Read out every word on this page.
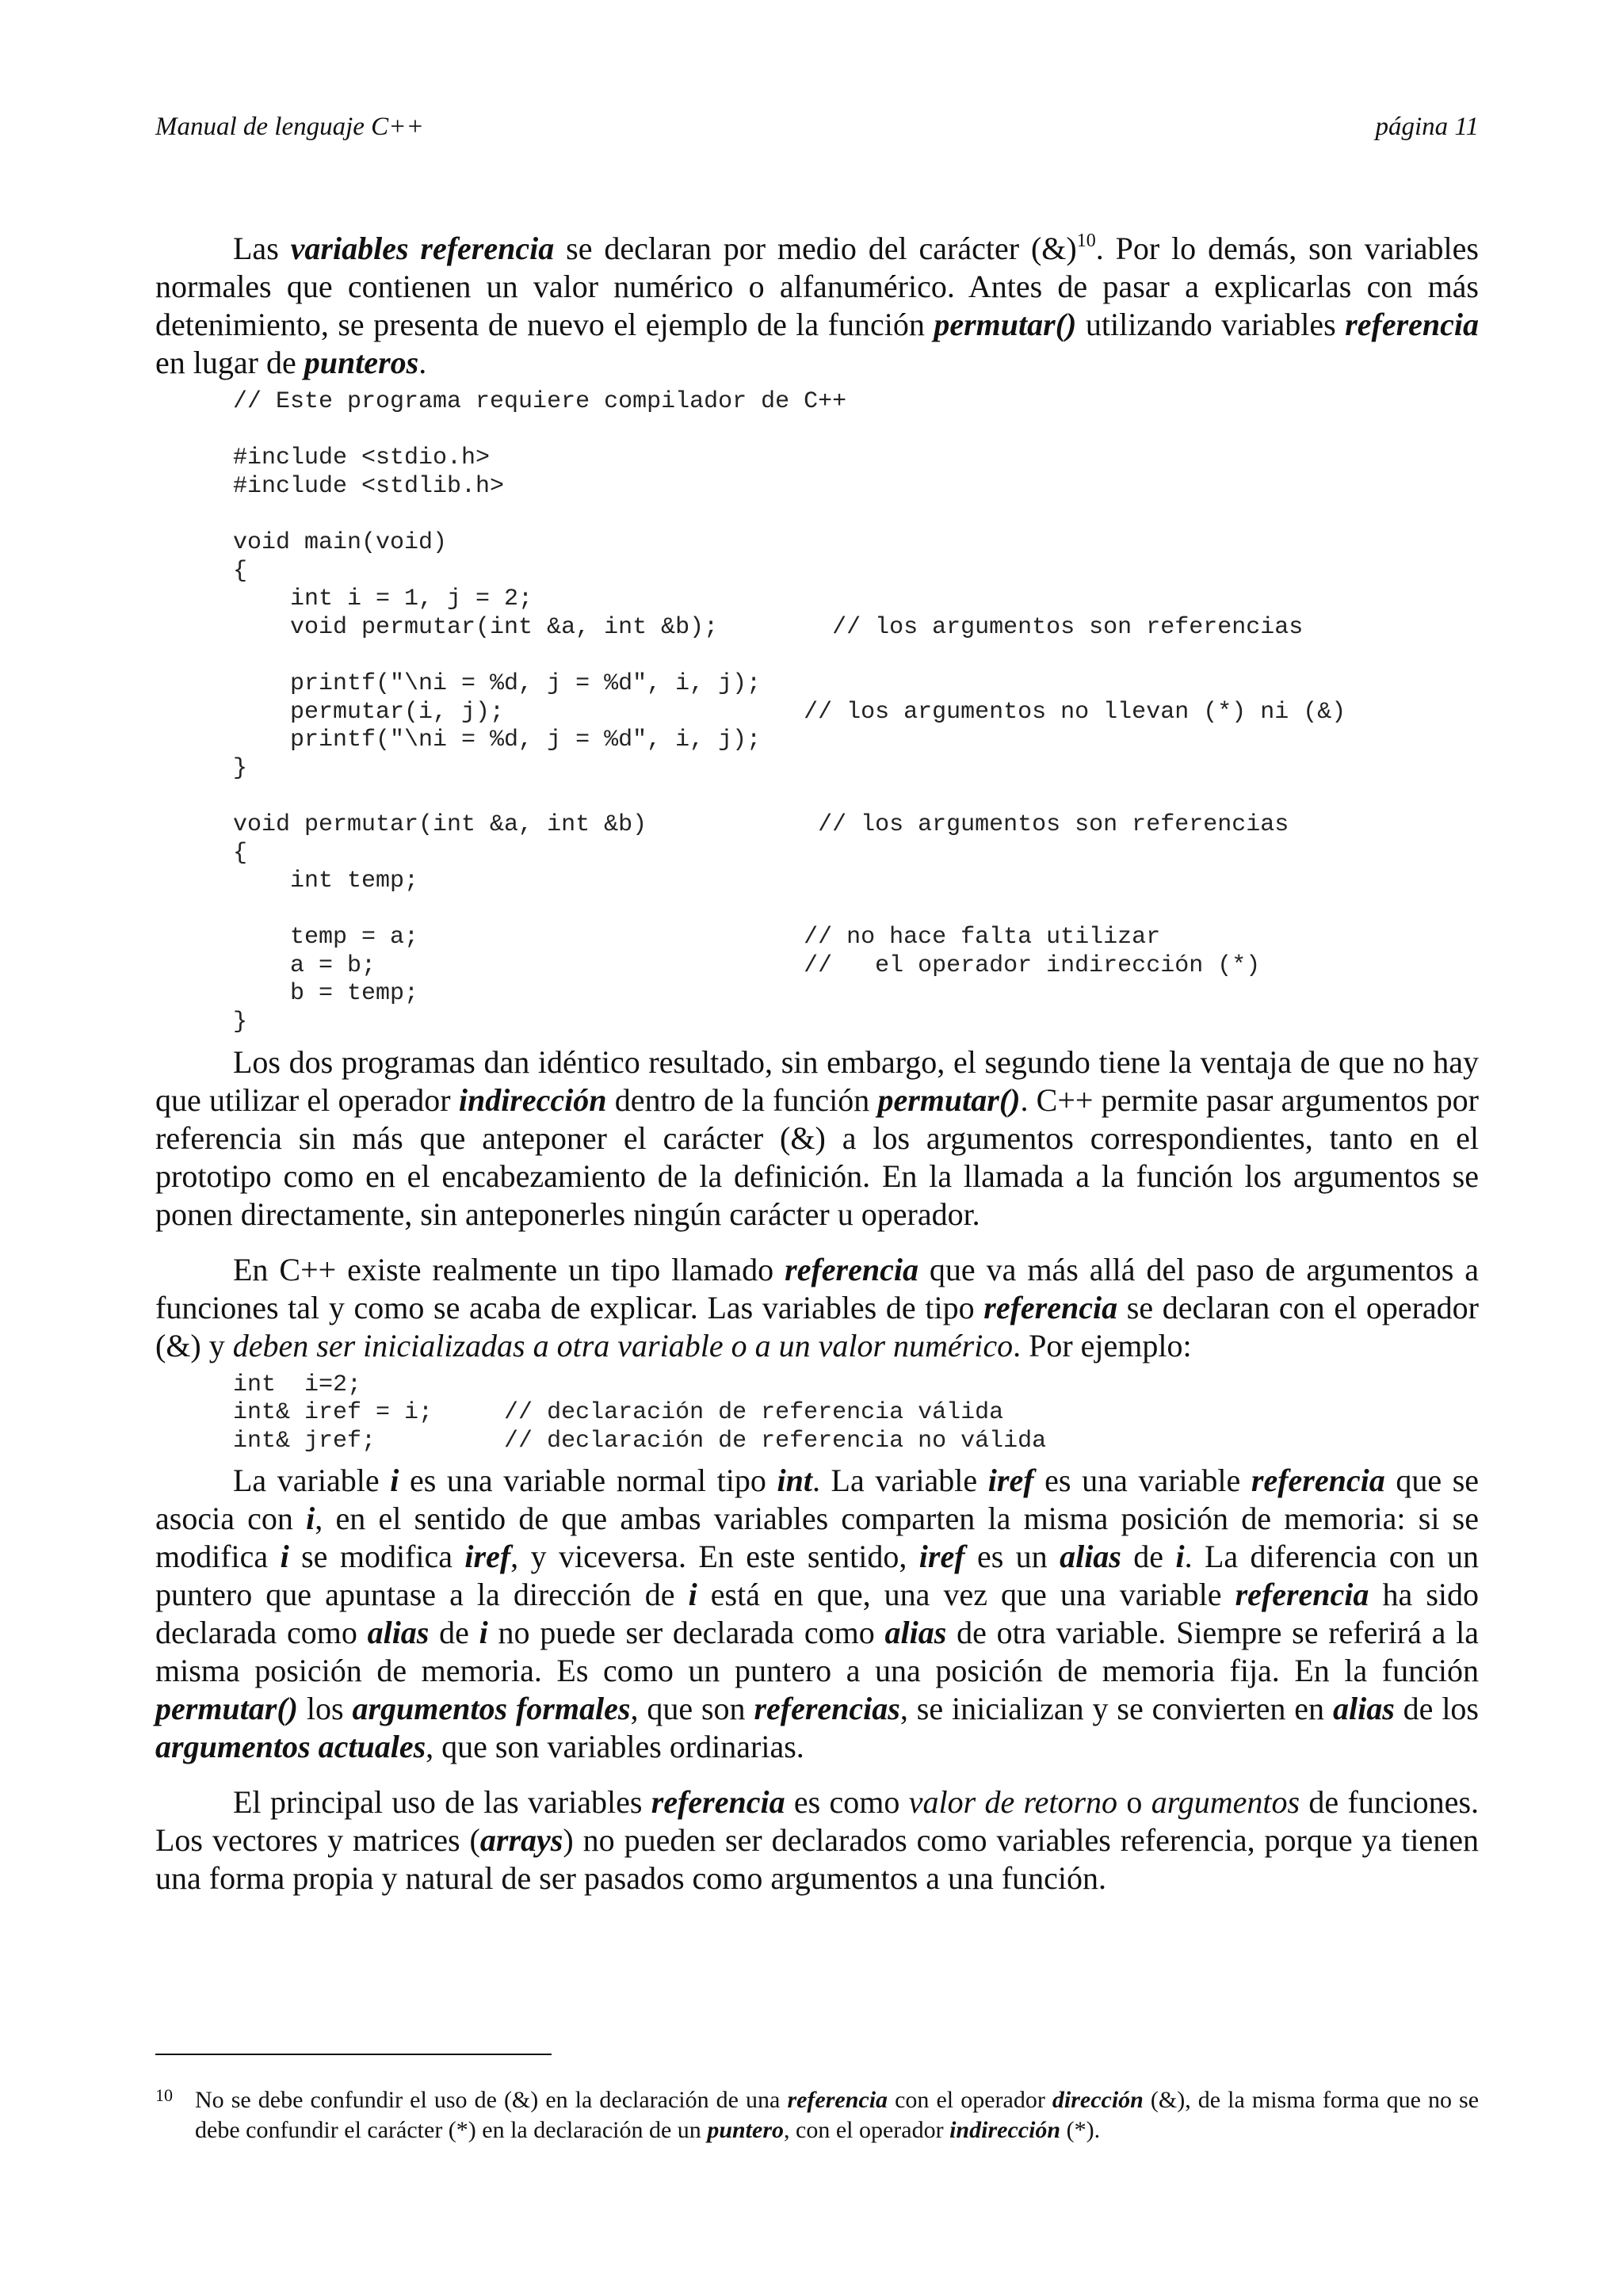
Manual de lenguaje C++	página 11

Las variables referencia se declaran por medio del carácter (&)$^{10}$. Por lo demás, son variables normales que contienen un valor numérico o alfanumérico. Antes de pasar a explicarlas con más detenimiento, se presenta de nuevo el ejemplo de la función permutar() utilizando variables referencia en lugar de punteros.

// Este programa requiere compilador de C++

#include <stdio.h>
#include <stdlib.h>

void main(void)
{
int i = 1, j = 2;
void permutar(int &a, int &b);        // los argumentos son referencias

printf("\ni = %d, j = %d", i, j);
permutar(i, j);                     // los argumentos no llevan (*) ni (&)
printf("\ni = %d, j = %d", i, j);
}

void permutar(int &a, int &b)            // los argumentos son referencias
{
int temp;

temp = a;                           // no hace falta utilizar
a = b;                              //   el operador indirección (*)
b = temp;
}

Los dos programas dan idéntico resultado, sin embargo, el segundo tiene la ventaja de que no hay que utilizar el operador indirección dentro de la función permutar(). C++ permite pasar argumentos por referencia sin más que anteponer el carácter (&) a los argumentos correspondientes, tanto en el prototipo como en el encabezamiento de la definición. En la llamada a la función los argumentos se ponen directamente, sin anteponerles ningún carácter u operador.

En C++ existe realmente un tipo llamado referencia que va más allá del paso de argumentos a funciones tal y como se acaba de explicar. Las variables de tipo referencia se declaran con el operador (&) y deben ser inicializadas a otra variable o a un valor numérico. Por ejemplo:

int  i=2;
int& iref = i;     // declaración de referencia válida
int& jref;         // declaración de referencia no válida

La variable i es una variable normal tipo int. La variable iref es una variable referencia que se asocia con i, en el sentido de que ambas variables comparten la misma posición de memoria: si se modifica i se modifica iref, y viceversa. En este sentido, iref es un alias de i. La diferencia con un puntero que apuntase a la dirección de i está en que, una vez que una variable referencia ha sido declarada como alias de i no puede ser declarada como alias de otra variable. Siempre se referirá a la misma posición de memoria. Es como un puntero a una posición de memoria fija. En la función permutar() los argumentos formales, que son referencias, se inicializan y se convierten en alias de los argumentos actuales, que son variables ordinarias.

El principal uso de las variables referencia es como valor de retorno o argumentos de funciones. Los vectores y matrices (arrays) no pueden ser declarados como variables referencia, porque ya tienen una forma propia y natural de ser pasados como argumentos a una función.

10 No se debe confundir el uso de (&) en la declaración de una referencia con el operador dirección (&), de la misma forma que no se debe confundir el carácter (*) en la declaración de un puntero, con el operador indirección (*).
